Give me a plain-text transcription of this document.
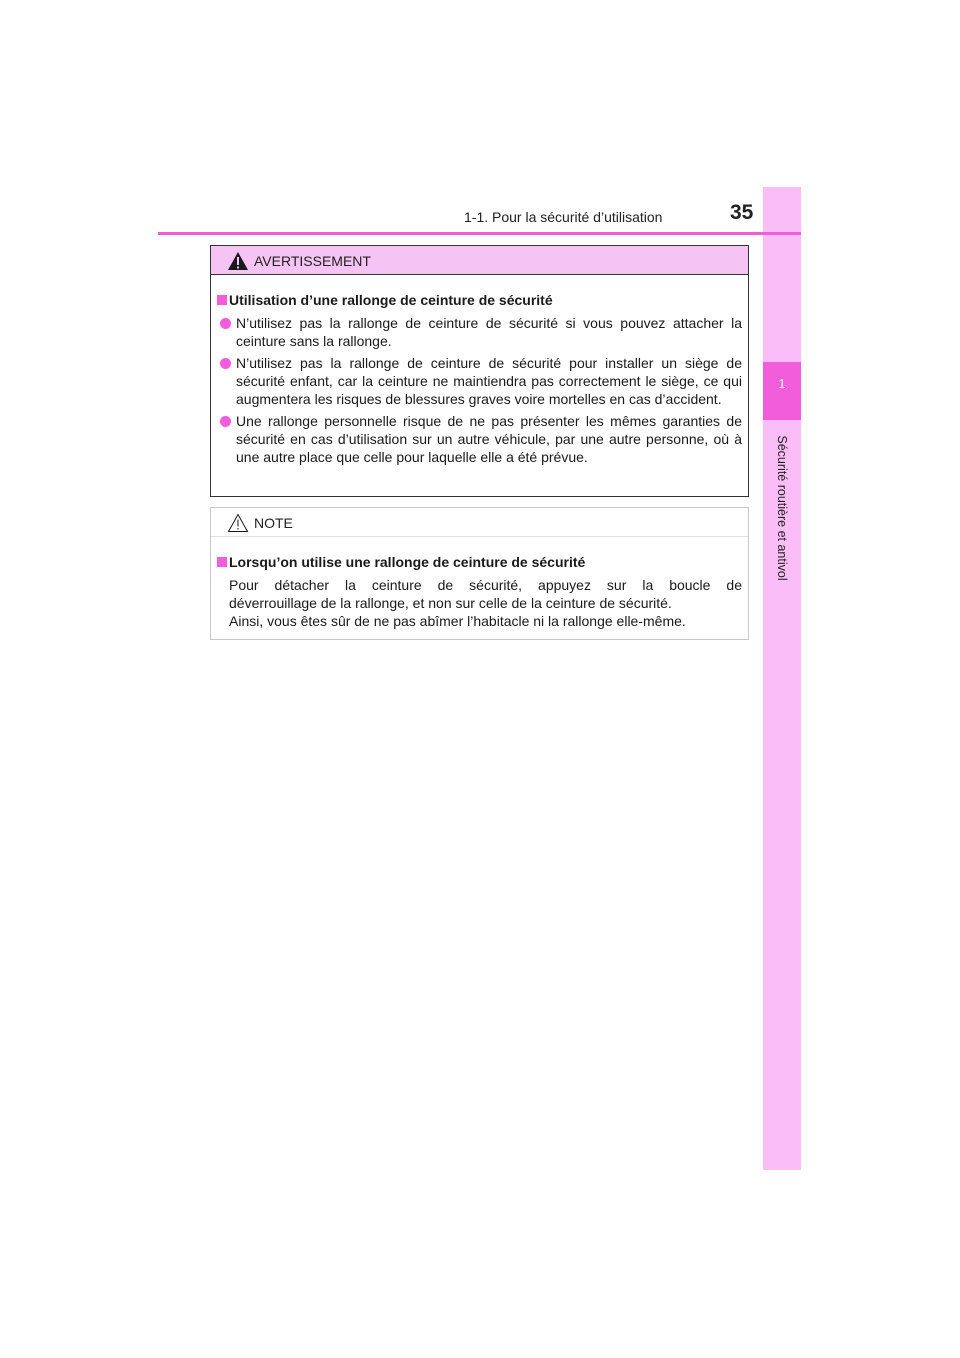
1
Sécurité routière et antivol
1-1. Pour la sécurité d’utilisation	35
AVERTISSEMENT
Utilisation d’une rallonge de ceinture de sécurité
N’utilisez pas la rallonge de ceinture de sécurité si vous pouvez attacher la ceinture sans la rallonge.
N’utilisez pas la rallonge de ceinture de sécurité pour installer un siège de sécurité enfant, car la ceinture ne maintiendra pas correctement le siège, ce qui augmentera les risques de blessures graves voire mortelles en cas d’accident.
Une rallonge personnelle risque de ne pas présenter les mêmes garanties de sécurité en cas d’utilisation sur un autre véhicule, par une autre personne, où à une autre place que celle pour laquelle elle a été prévue.
NOTE
Lorsqu’on utilise une rallonge de ceinture de sécurité
Pour détacher la ceinture de sécurité, appuyez sur la boucle de
déverrouillage de la rallonge, et non sur celle de la ceinture de sécurité.
Ainsi, vous êtes sûr de ne pas abîmer l’habitacle ni la rallonge elle-même.
